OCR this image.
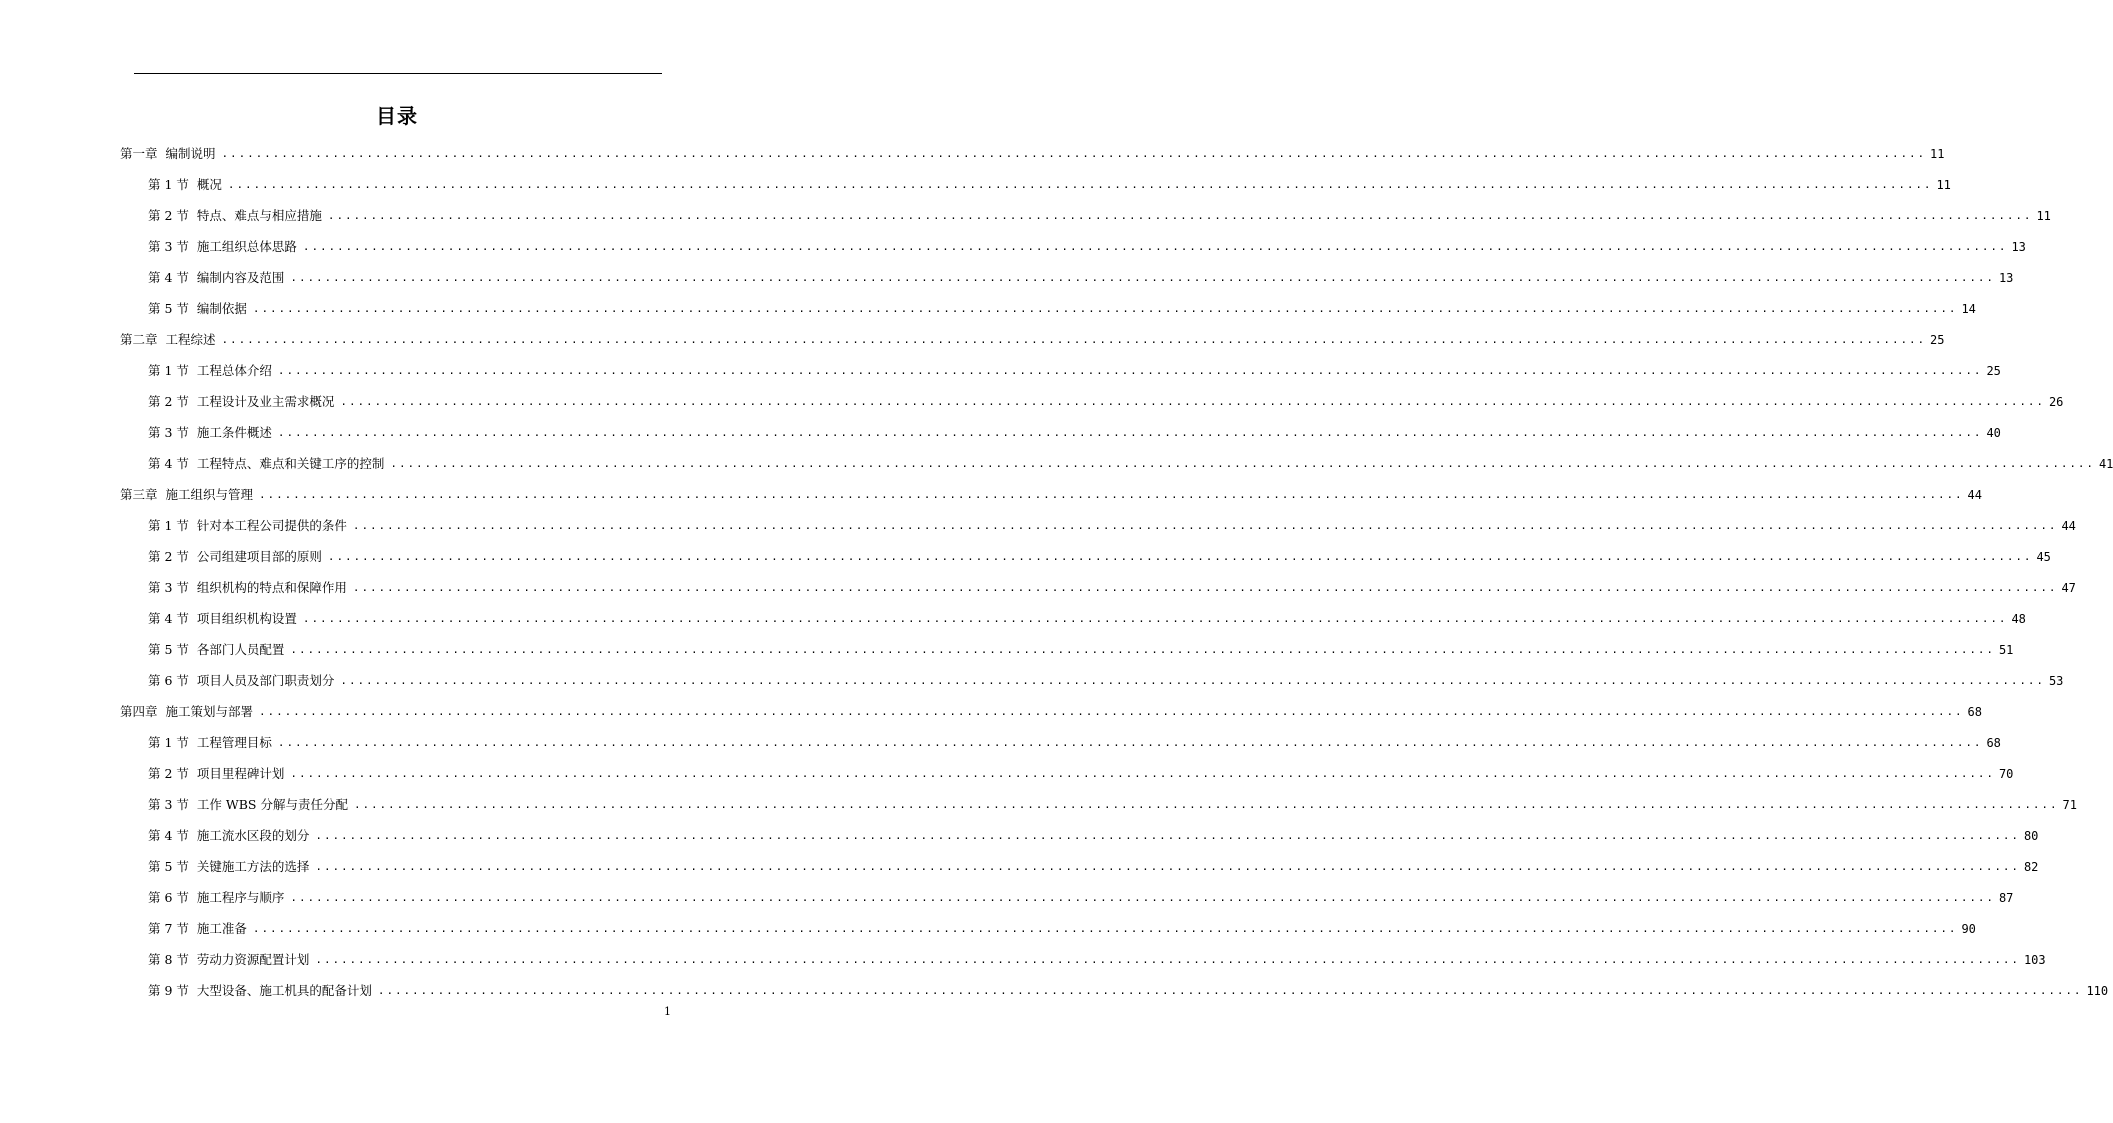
目录
第一章 编制说明 ........................................................................................................................................................................................................ 11
第 1 节 概况 ........................................................................................................................................................................................................ 11
第 2 节 特点、难点与相应措施 ........................................................................................................................................................................................................ 11
第 3 节 施工组织总体思路 ........................................................................................................................................................................................................ 13
第 4 节 编制内容及范围 ........................................................................................................................................................................................................ 13
第 5 节 编制依据 ........................................................................................................................................................................................................ 14
第二章 工程综述 ........................................................................................................................................................................................................ 25
第 1 节 工程总体介绍 ........................................................................................................................................................................................................ 25
第 2 节 工程设计及业主需求概况 ........................................................................................................................................................................................................ 26
第 3 节 施工条件概述 ........................................................................................................................................................................................................ 40
第 4 节 工程特点、难点和关键工序的控制 ........................................................................................................................................................................................................ 41
第三章 施工组织与管理 ........................................................................................................................................................................................................ 44
第 1 节 针对本工程公司提供的条件 ........................................................................................................................................................................................................ 44
第 2 节 公司组建项目部的原则 ........................................................................................................................................................................................................ 45
第 3 节 组织机构的特点和保障作用 ........................................................................................................................................................................................................ 47
第 4 节 项目组织机构设置 ........................................................................................................................................................................................................ 48
第 5 节 各部门人员配置 ........................................................................................................................................................................................................ 51
第 6 节 项目人员及部门职责划分 ........................................................................................................................................................................................................ 53
第四章 施工策划与部署 ........................................................................................................................................................................................................ 68
第 1 节 工程管理目标 ........................................................................................................................................................................................................ 68
第 2 节 项目里程碑计划 ........................................................................................................................................................................................................ 70
第 3 节 工作 WBS 分解与责任分配 ........................................................................................................................................................................................................ 71
第 4 节 施工流水区段的划分 ........................................................................................................................................................................................................ 80
第 5 节 关键施工方法的选择 ........................................................................................................................................................................................................ 82
第 6 节 施工程序与顺序 ........................................................................................................................................................................................................ 87
第 7 节 施工准备 ........................................................................................................................................................................................................ 90
第 8 节 劳动力资源配置计划 ........................................................................................................................................................................................................ 103
第 9 节 大型设备、施工机具的配备计划 ........................................................................................................................................................................................................ 110
1
